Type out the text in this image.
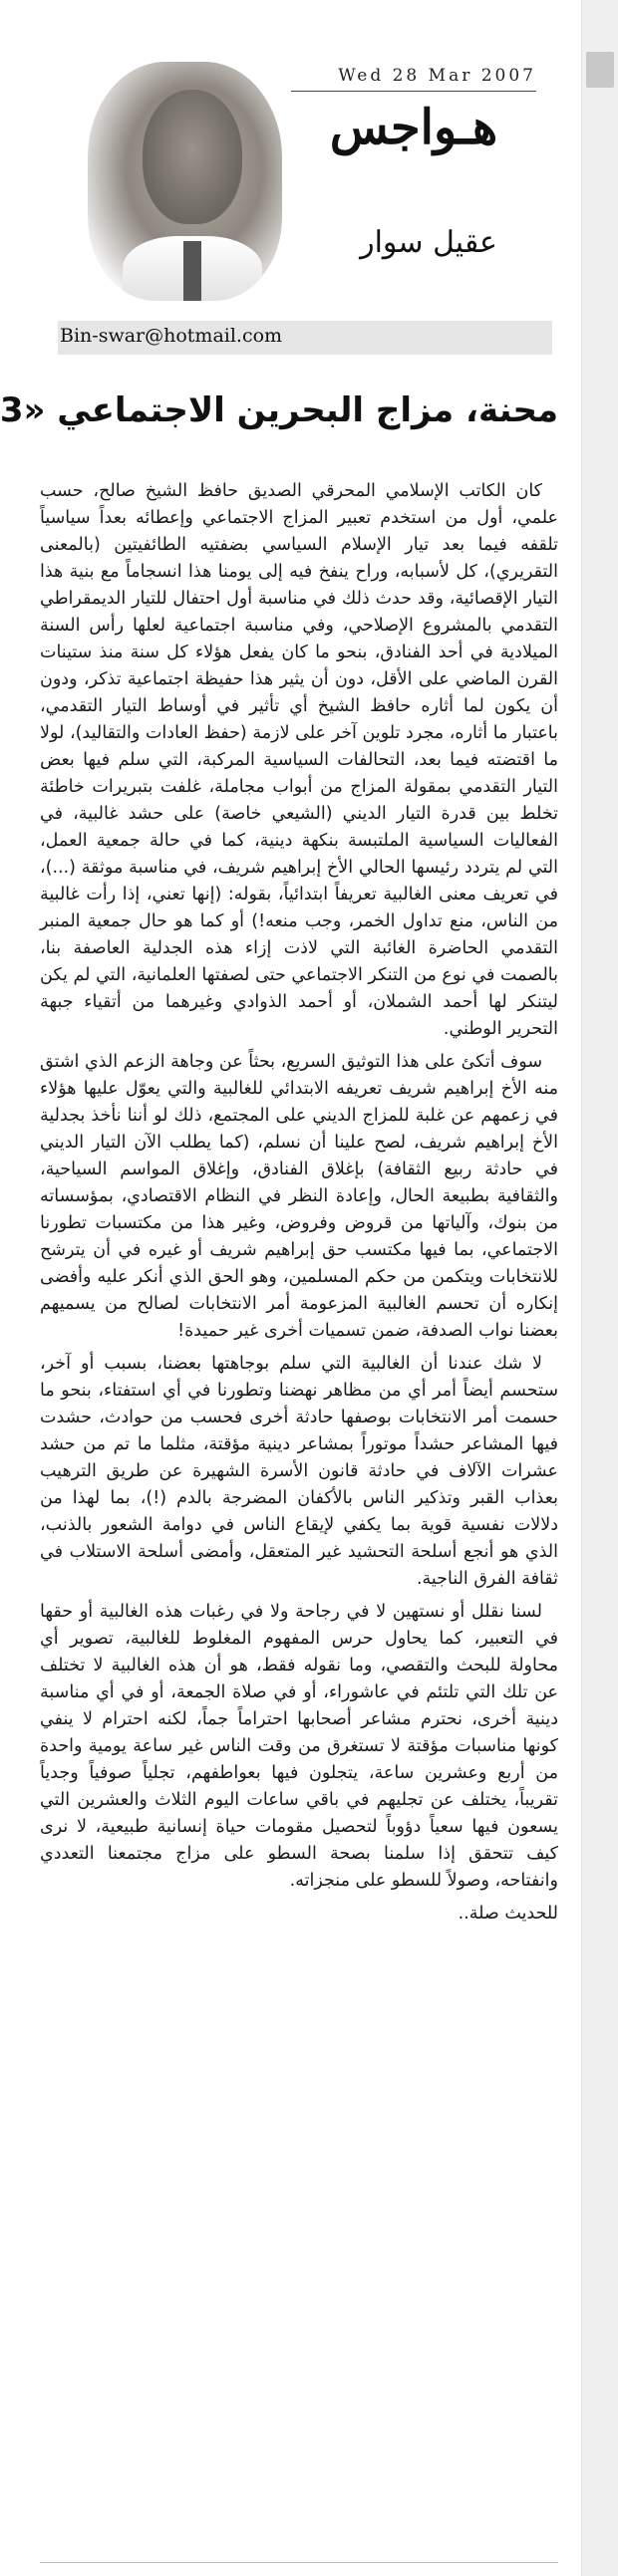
Wed 28 Mar 2007
هـواجس
عقيل سوار
Bin-swar@hotmail.com
محنة، مزاج البحرين الاجتماعي «3

كان الكاتب الإسلامي المحرقي الصديق حافظ الشيخ صالح، حسب علمي، أول من استخدم تعبير المزاج الاجتماعي وإعطائه بعداً سياسياً تلقفه فيما بعد تيار الإسلام السياسي بضفتيه الطائفيتين (بالمعنى التقريري)، كل لأسبابه، وراح ينفخ فيه إلى يومنا هذا انسجاماً مع بنية هذا التيار الإقصائية، وقد حدث ذلك في مناسبة أول احتفال للتيار الديمقراطي التقدمي بالمشروع الإصلاحي، وفي مناسبة اجتماعية لعلها رأس السنة الميلادية في أحد الفنادق، بنحو ما كان يفعل هؤلاء كل سنة منذ ستينات القرن الماضي على الأقل، دون أن يثير هذا حفيظة اجتماعية تذكر، ودون أن يكون لما أثاره حافظ الشيخ أي تأثير في أوساط التيار التقدمي، باعتبار ما أثاره، مجرد تلوين آخر على لازمة (حفظ العادات والتقاليد)، لولا ما اقتضته فيما بعد، التحالفات السياسية المركبة، التي سلم فيها بعض التيار التقدمي بمقولة المزاج من أبواب مجاملة، غلفت بتبريرات خاطئة تخلط بين قدرة التيار الديني (الشيعي خاصة) على حشد غالبية، في الفعاليات السياسية الملتبسة بنكهة دينية، كما في حالة جمعية العمل، التي لم يتردد رئيسها الحالي الأخ إبراهيم شريف، في مناسبة موثقة (...)، في تعريف معنى الغالبية تعريفاً ابتدائياً، بقوله: (إنها تعني، إذا رأت غالبية من الناس، منع تداول الخمر، وجب منعه!) أو كما هو حال جمعية المنبر التقدمي الحاضرة الغائبة التي لاذت إزاء هذه الجدلية العاصفة بنا، بالصمت في نوع من التنكر الاجتماعي حتى لصفتها العلمانية، التي لم يكن ليتنكر لها أحمد الشملان، أو أحمد الذوادي وغيرهما من أتقياء جبهة التحرير الوطني.

سوف أتكئ على هذا التوثيق السريع، بحثاً عن وجاهة الزعم الذي اشتق منه الأخ إبراهيم شريف تعريفه الابتدائي للغالبية والتي يعوّل عليها هؤلاء في زعمهم عن غلبة للمزاج الديني على المجتمع، ذلك لو أننا نأخذ بجدلية الأخ إبراهيم شريف، لصح علينا أن نسلم، (كما يطلب الآن التيار الديني في حادثة ربيع الثقافة) بإغلاق الفنادق، وإغلاق المواسم السياحية، والثقافية بطبيعة الحال، وإعادة النظر في النظام الاقتصادي، بمؤسساته من بنوك، وآلياتها من قروض وفروض، وغير هذا من مكتسبات تطورنا الاجتماعي، بما فيها مكتسب حق إبراهيم شريف أو غيره في أن يترشح للانتخابات ويتكمن من حكم المسلمين، وهو الحق الذي أنكر عليه وأفضى إنكاره أن تحسم الغالبية المزعومة أمر الانتخابات لصالح من يسميهم بعضنا نواب الصدفة، ضمن تسميات أخرى غير حميدة!

لا شك عندنا أن الغالبية التي سلم بوجاهتها بعضنا، بسبب أو آخر، ستحسم أيضاً أمر أي من مظاهر نهضنا وتطورنا في أي استفتاء، بنحو ما حسمت أمر الانتخابات بوصفها حادثة أخرى فحسب من حوادث، حشدت فيها المشاعر حشداً موتوراً بمشاعر دينية مؤقتة، مثلما ما تم من حشد عشرات الآلاف في حادثة قانون الأسرة الشهيرة عن طريق الترهيب بعذاب القبر وتذكير الناس بالأكفان المضرجة بالدم (!)، بما لهذا من دلالات نفسية قوية بما يكفي لإيقاع الناس في دوامة الشعور بالذنب، الذي هو أنجع أسلحة التحشيد غير المتعقل، وأمضى أسلحة الاستلاب في ثقافة الفرق الناجية.

لسنا نقلل أو نستهين لا في رجاحة ولا في رغبات هذه الغالبية أو حقها في التعبير، كما يحاول حرس المفهوم المغلوط للغالبية، تصوير أي محاولة للبحث والتقصي، وما نقوله فقط، هو أن هذه الغالبية لا تختلف عن تلك التي تلتئم في عاشوراء، أو في صلاة الجمعة، أو في أي مناسبة دينية أخرى، نحترم مشاعر أصحابها احتراماً جماً، لكنه احترام لا ينفي كونها مناسبات مؤقتة لا تستغرق من وقت الناس غير ساعة يومية واحدة من أربع وعشرين ساعة، يتجلون فيها بعواطفهم، تجلياً صوفياً وجدياً تقريباً، يختلف عن تجليهم في باقي ساعات اليوم الثلاث والعشرين التي يسعون فيها سعياً دؤوباً لتحصيل مقومات حياة إنسانية طبيعية، لا نرى كيف تتحقق إذا سلمنا بصحة السطو على مزاج مجتمعنا التعددي وانفتاحه، وصولاً للسطو على منجزاته.

للحديث صلة..
